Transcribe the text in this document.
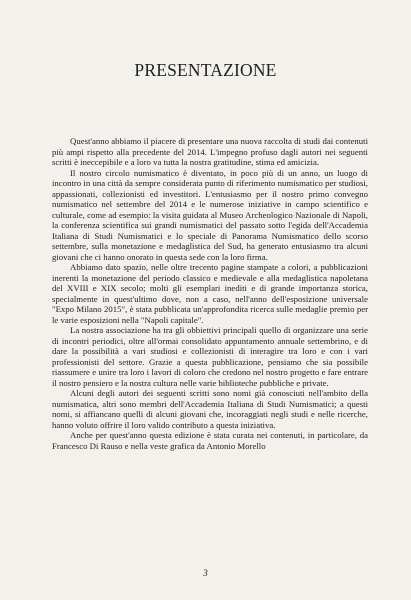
PRESENTAZIONE

Quest'anno abbiamo il piacere di presentare una nuova raccolta di studi dai contenuti più ampi rispetto alla precedente del 2014. L'impegno profuso dagli autori nei seguenti scritti è ineccepibile e a loro va tutta la nostra gratitudine, stima ed amicizia.

Il nostro circolo numismatico è diventato, in poco più di un anno, un luogo di incontro in una città da sempre considerata punto di riferimento numismatico per studiosi, appassionati, collezionisti ed investitori. L'entusiasmo per il nostro primo convegno numismatico nel settembre del 2014 e le numerose iniziative in campo scientifico e culturale, come ad esempio: la visita guidata al Museo Archeologico Nazionale di Napoli, la conferenza scientifica sui grandi numismatici del passato sotto l'egida dell'Accademia Italiana di Studi Numismatici e lo speciale di Panorama Numismatico dello scorso settembre, sulla monetazione e medaglistica del Sud, ha generato entusiasmo tra alcuni giovani che ci hanno onorato in questa sede con la loro firma.

Abbiamo dato spazio, nelle oltre trecento pagine stampate a colori, a pubblicazioni inerenti la monetazione del periodo classico e medievale e alla medaglistica napoletana del XVIII e XIX secolo; molti gli esemplari inediti e di grande importanza storica, specialmente in quest'ultimo dove, non a caso, nell'anno dell'esposizione universale "Expo Milano 2015", è stata pubblicata un'approfondita ricerca sulle medaglie premio per le varie esposizioni nella "Napoli capitale".

La nostra associazione ha tra gli obbiettivi principali quello di organizzare una serie di incontri periodici, oltre all'ormai consolidato appuntamento annuale settembrino, e di dare la possibilità a vari studiosi e collezionisti di interagire tra loro e con i vari professionisti del settore. Grazie a questa pubblicazione, pensiamo che sia possibile riassumere e unire tra loro i lavori di coloro che credono nel nostro progetto e fare entrare il nostro pensiero e la nostra cultura nelle varie biblioteche pubbliche e private.

Alcuni degli autori dei seguenti scritti sono nomi già conosciuti nell'ambito della numismatica, altri sono membri dell'Accademia Italiana di Studi Numismatici; a questi nomi, si affiancano quelli di alcuni giovani che, incoraggiati negli studi e nelle ricerche, hanno voluto offrire il loro valido contributo a questa iniziativa.

Anche per quest'anno questa edizione è stata curata nei contenuti, in particolare, da Francesco Di Rauso e nella veste grafica da Antonio Morello

3
